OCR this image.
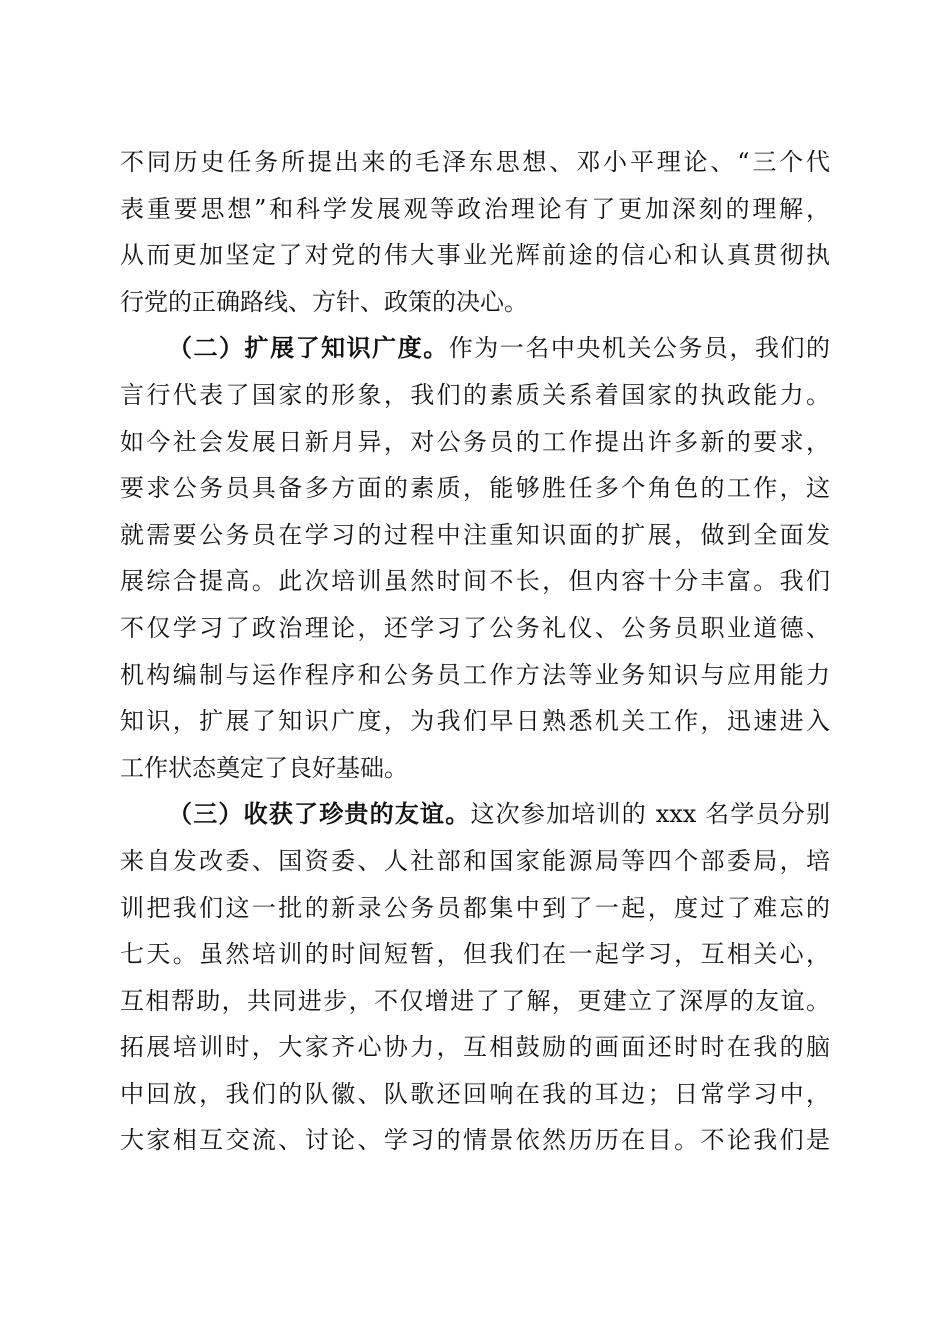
不同历史任务所提出来的毛泽东思想、邓小平理论、“三个代
表重要思想”和科学发展观等政治理论有了更加深刻的理解，
从而更加坚定了对党的伟大事业光辉前途的信心和认真贯彻执
行党的正确路线、方针、政策的决心。
（二）扩展了知识广度。作为一名中央机关公务员，我们的
言行代表了国家的形象，我们的素质关系着国家的执政能力。
如今社会发展日新月异，对公务员的工作提出许多新的要求，
要求公务员具备多方面的素质，能够胜任多个角色的工作，这
就需要公务员在学习的过程中注重知识面的扩展，做到全面发
展综合提高。此次培训虽然时间不长，但内容十分丰富。我们
不仅学习了政治理论，还学习了公务礼仪、公务员职业道德、
机构编制与运作程序和公务员工作方法等业务知识与应用能力
知识，扩展了知识广度，为我们早日熟悉机关工作，迅速进入
工作状态奠定了良好基础。
（三）收获了珍贵的友谊。这次参加培训的 xxx 名学员分别
来自发改委、国资委、人社部和国家能源局等四个部委局，培
训把我们这一批的新录公务员都集中到了一起，度过了难忘的
七天。虽然培训的时间短暂，但我们在一起学习，互相关心，
互相帮助，共同进步，不仅增进了了解，更建立了深厚的友谊。
拓展培训时，大家齐心协力，互相鼓励的画面还时时在我的脑
中回放，我们的队徽、队歌还回响在我的耳边；日常学习中，
大家相互交流、讨论、学习的情景依然历历在目。不论我们是
